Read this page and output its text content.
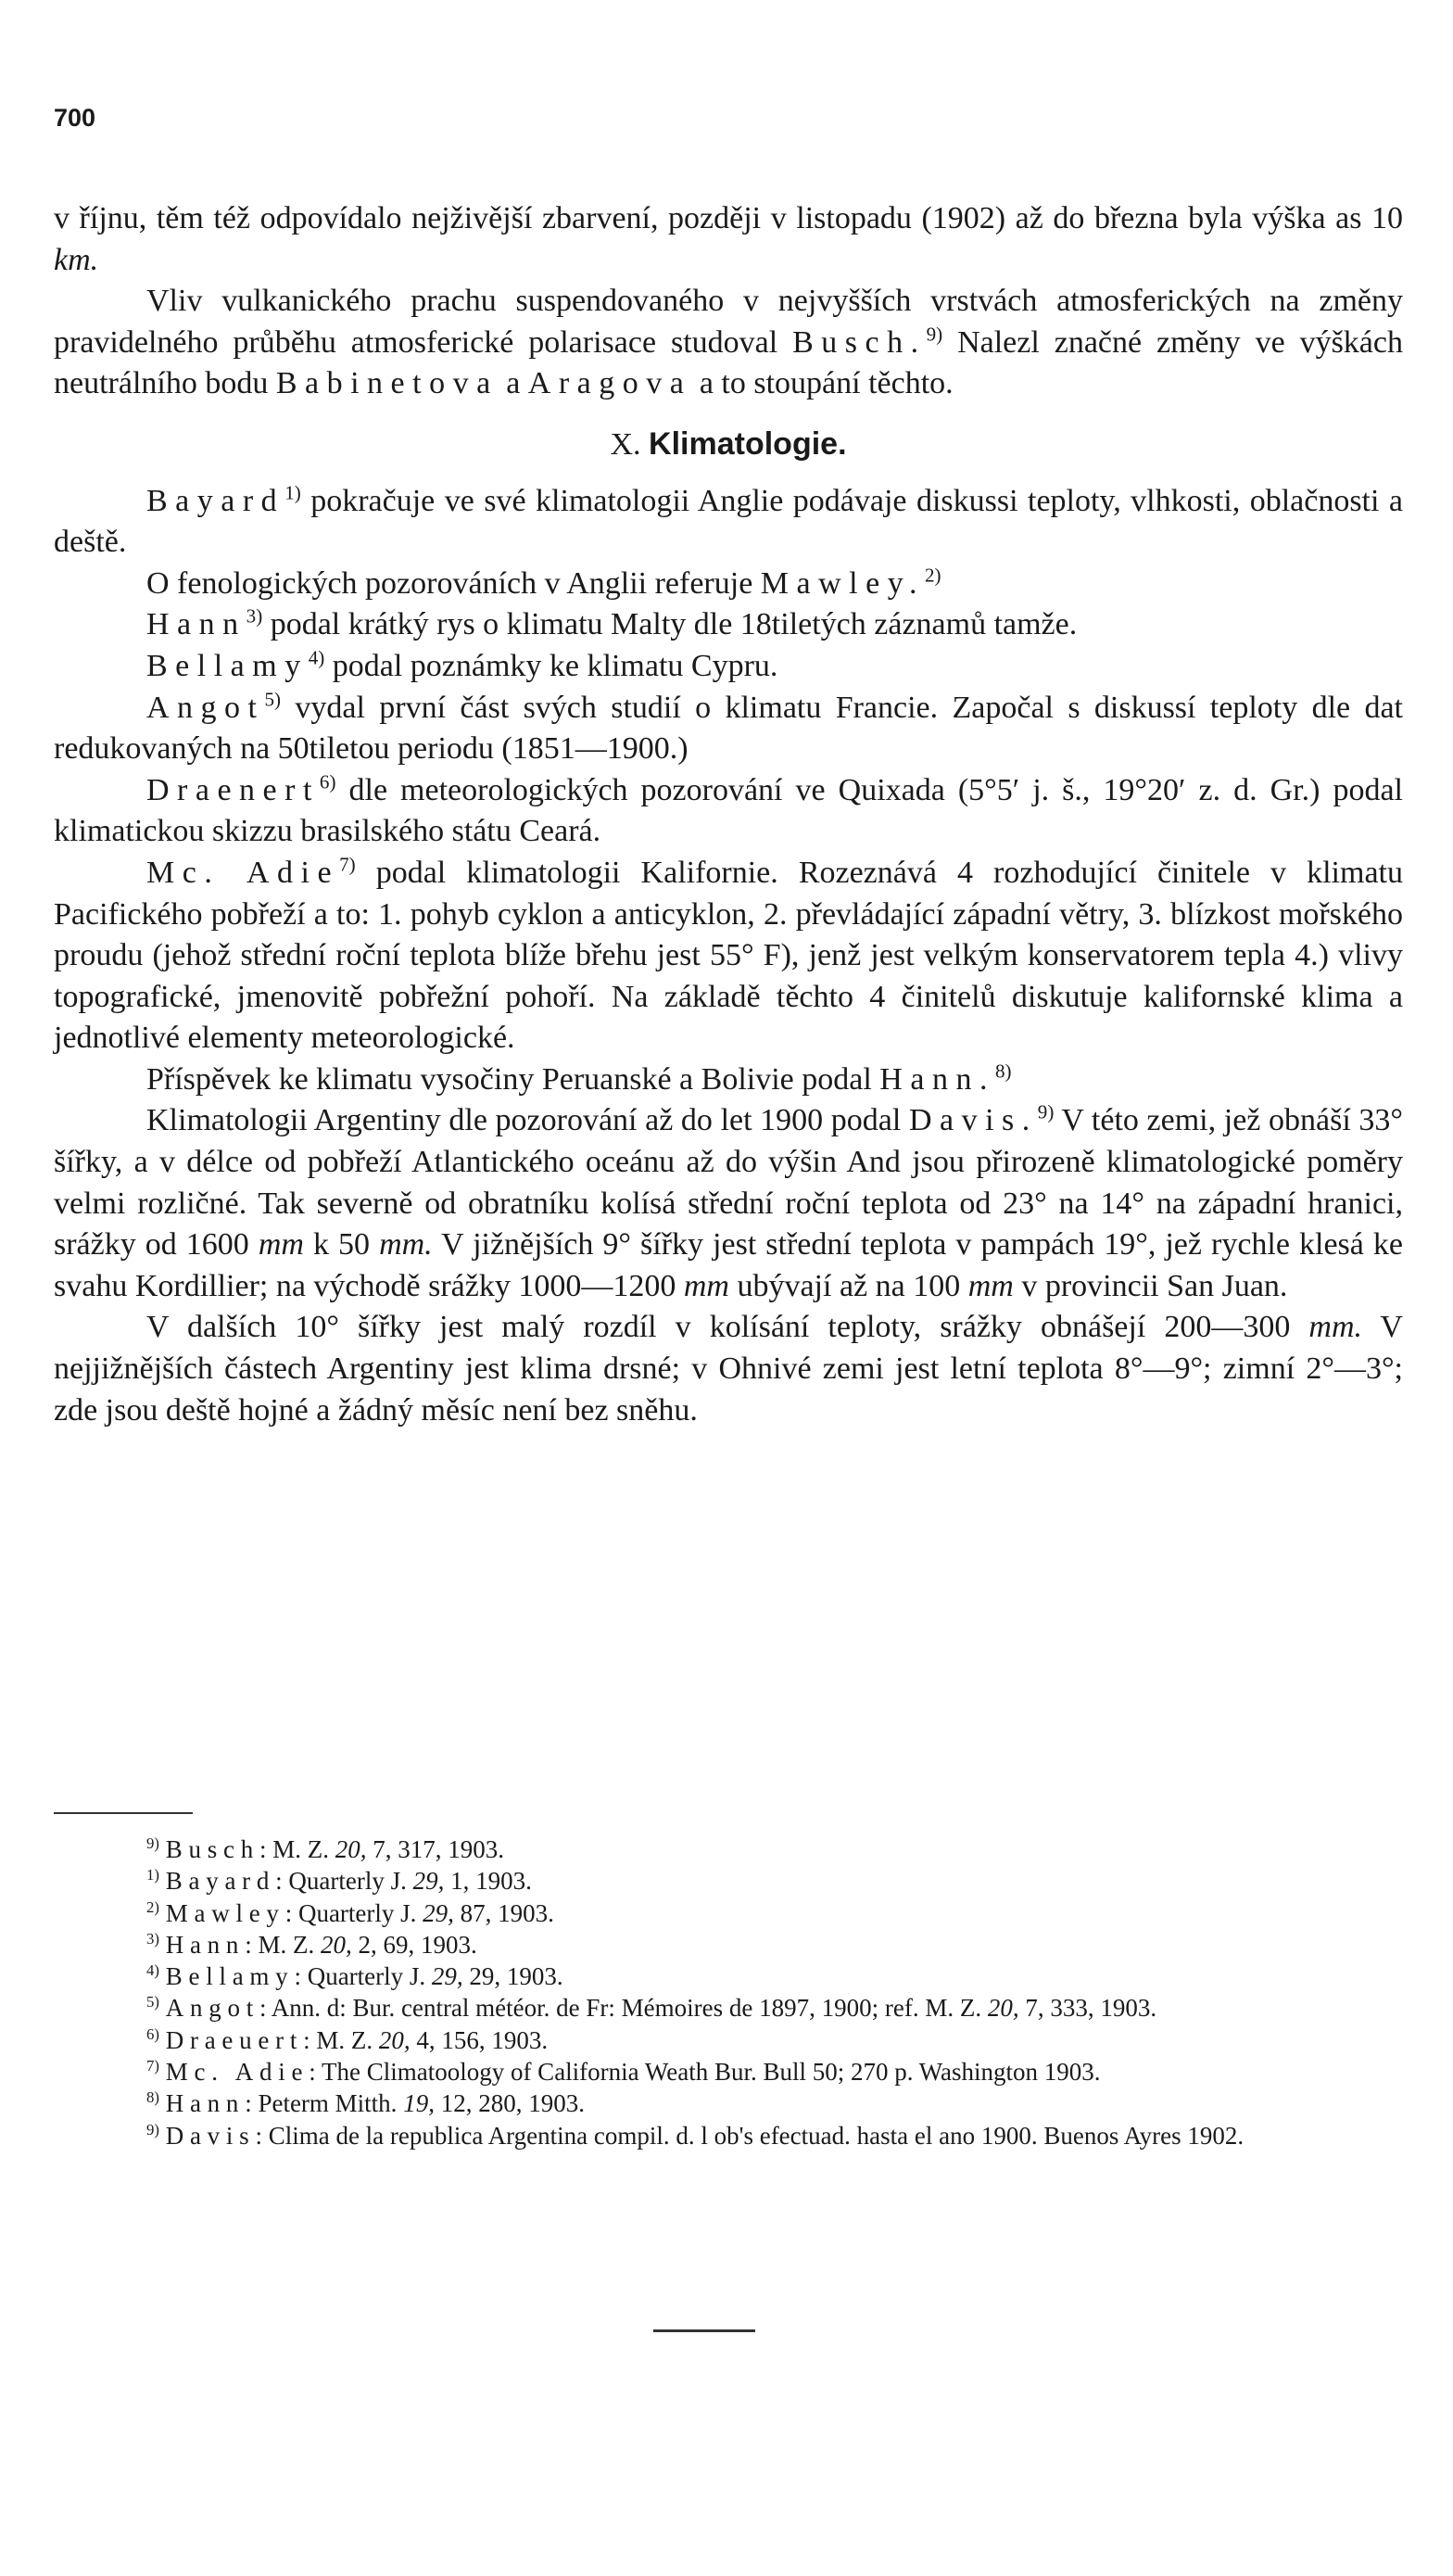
700

v říjnu, těm též odpovídalo nejživější zbarvení, později v listopadu (1902) až do března byla výška as 10 km.

Vliv vulkanického prachu suspendovaného v nejvyšších vrstvách atmosferických na změny pravidelného průběhu atmosferické polarisace studoval Busch.$^{9)}$ Nalezl značné změny ve výškách neutrálního bodu Babinetova a Aragova a to stoupání těchto.

X. Klimatologie.

Bayard$^{1)}$ pokračuje ve své klimatologii Anglie podávaje diskussi teploty, vlhkosti, oblačnosti a deště.

O fenologických pozorováních v Anglii referuje Mawley.$^{2)}$

Hann$^{3)}$ podal krátký rys o klimatu Malty dle 18tiletých záznamů tamže.

Bellamy$^{4)}$ podal poznámky ke klimatu Cypru.

Angot$^{5)}$ vydal první část svých studií o klimatu Francie. Započal s diskussí teploty dle dat redukovaných na 50tiletou periodu (1851—1900.)

Draenert$^{6)}$ dle meteorologických pozorování ve Quixada (5°5′ j. š., 19°20′ z. d. Gr.) podal klimatickou skizzu brasilského státu Ceará.

Mc. Adie$^{7)}$ podal klimatologii Kalifornie. Rozeznává 4 rozhodující činitele v klimatu Pacifického pobřeží a to: 1. pohyb cyklon a anticyklon, 2. převládající západní větry, 3. blízkost mořského proudu (jehož střední roční teplota blíže břehu jest 55° F), jenž jest velkým konservatorem tepla 4.) vlivy topografické, jmenovitě pobřežní pohoří. Na základě těchto 4 činitelů diskutuje kalifornské klima a jednotlivé elementy meteorologické.

Příspěvek ke klimatu vysočiny Peruanské a Bolivie podal Hann.$^{8)}$

Klimatologii Argentiny dle pozorování až do let 1900 podal Davis.$^{9)}$ V této zemi, jež obnáší 33° šířky, a v délce od pobřeží Atlantického oceánu až do výšin And jsou přirozeně klimatologické poměry velmi rozličné. Tak severně od obratníku kolísá střední roční teplota od 23° na 14° na západní hranici, srážky od 1600 mm k 50 mm. V jižnějších 9° šířky jest střední teplota v pampách 19°, jež rychle klesá ke svahu Kordillier; na východě srážky 1000—1200 mm ubývají až na 100 mm v provincii San Juan.

V dalších 10° šířky jest malý rozdíl v kolísání teploty, srážky obnášejí 200—300 mm. V nejjižnějších částech Argentiny jest klima drsné; v Ohnivé zemi jest letní teplota 8°—9°; zimní 2°—3°; zde jsou deště hojné a žádný měsíc není bez sněhu.

$^{9)}$ Busch: M. Z. 20, 7, 317, 1903.

$^{1)}$ Bayard: Quarterly J. 29, 1, 1903.

$^{2)}$ Mawley: Quarterly J. 29, 87, 1903.

$^{3)}$ Hann: M. Z. 20, 2, 69, 1903.

$^{4)}$ Bellamy: Quarterly J. 29, 29, 1903.

$^{5)}$ Angot: Ann. d: Bur. central météor. de Fr: Mémoires de 1897, 1900; ref. M. Z. 20, 7, 333, 1903.

$^{6)}$ Draeuert: M. Z. 20, 4, 156, 1903.

$^{7)}$ Mc. Adie: The Climatoology of California Weath Bur. Bull 50; 270 p. Washington 1903.

$^{8)}$ Hann: Peterm Mitth. 19, 12, 280, 1903.

$^{9)}$ Davis: Clima de la republica Argentina compil. d. l ob's efectuad. hasta el ano 1900. Buenos Ayres 1902.
